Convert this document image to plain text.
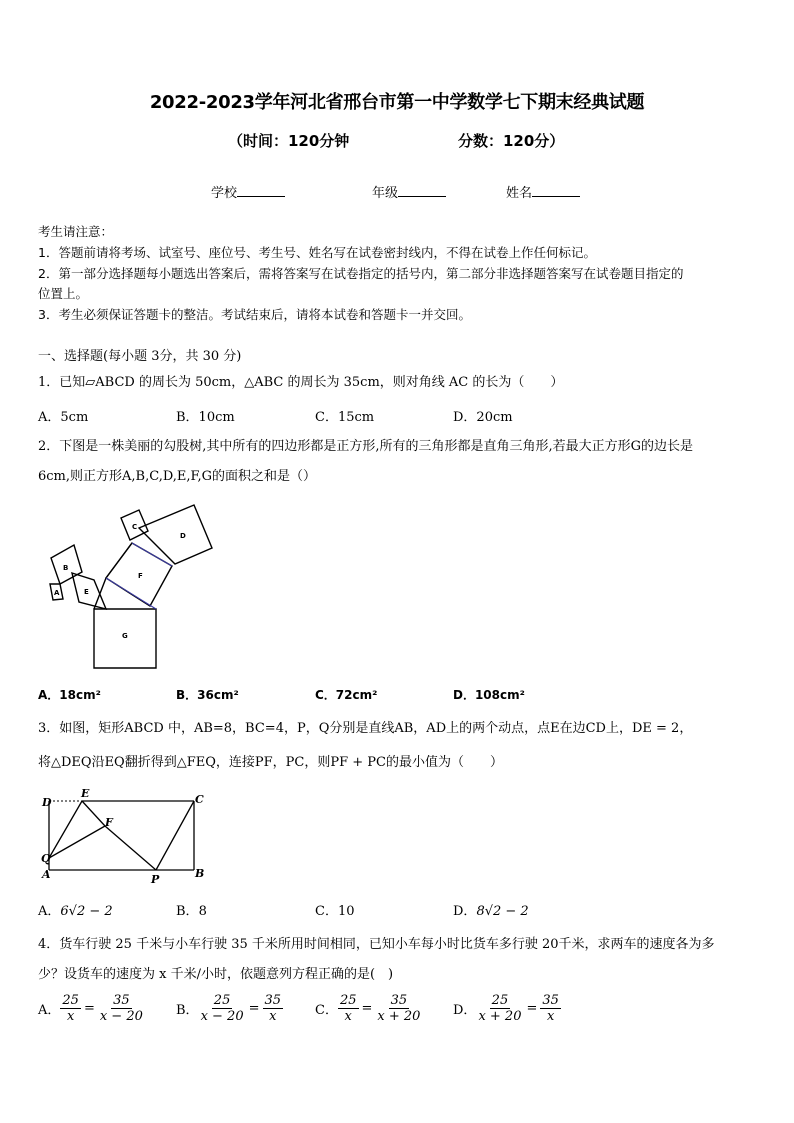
2022-2023学年河北省邢台市第一中学数学七下期末经典试题
（时间：120分钟	分数：120分）
学校	年级	姓名
考生请注意：
1．答题前请将考场、试室号、座位号、考生号、姓名写在试卷密封线内，不得在试卷上作任何标记。
2．第一部分选择题每小题选出答案后，需将答案写在试卷指定的括号内，第二部分非选择题答案写在试卷题目指定的
位置上。
3．考生必须保证答题卡的整洁。考试结束后，请将本试卷和答题卡一并交回。
一、选择题(每小题 3分，共 30 分)
1．已知▱ABCD 的周长为 50cm，△ABC 的周长为 35cm，则对角线 AC 的长为（　　）
A．5cm	B．10cm	C．15cm	D．20cm
2．下图是一株美丽的勾股树,其中所有的四边形都是正方形,所有的三角形都是直角三角形,若最大正方形G的边长是
6cm,则正方形A,B,C,D,E,F,G的面积之和是（）
G
F
E
B
A
C
D
A．18cm²	B．36cm²	C．72cm²	D．108cm²
3．如图，矩形ABCD 中，AB=8，BC=4，P，Q分别是直线AB，AD上的两个动点，点E在边CD上，DE = 2，
将△DEQ沿EQ翻折得到△FEQ，连接PF，PC，则PF + PC的最小值为（　　）
D
E	C
F
Q
A	P	B
A．6√2 − 2	B．8	C．10	D．8√2 − 2
4．货车行驶 25 千米与小车行驶 35 千米所用时间相同，已知小车每小时比货车多行驶 20千米，求两车的速度各为多
少？设货车的速度为 x 千米/小时，依题意列方程正确的是(　)
A． $\frac{25}{x} = \frac{35}{x - 20}$ B． $\frac{25}{x - 20} = \frac{35}{x}$ C． $\frac{25}{x} = \frac{35}{x + 20}$ D． $\frac{25}{x + 20} = \frac{35}{x}$
